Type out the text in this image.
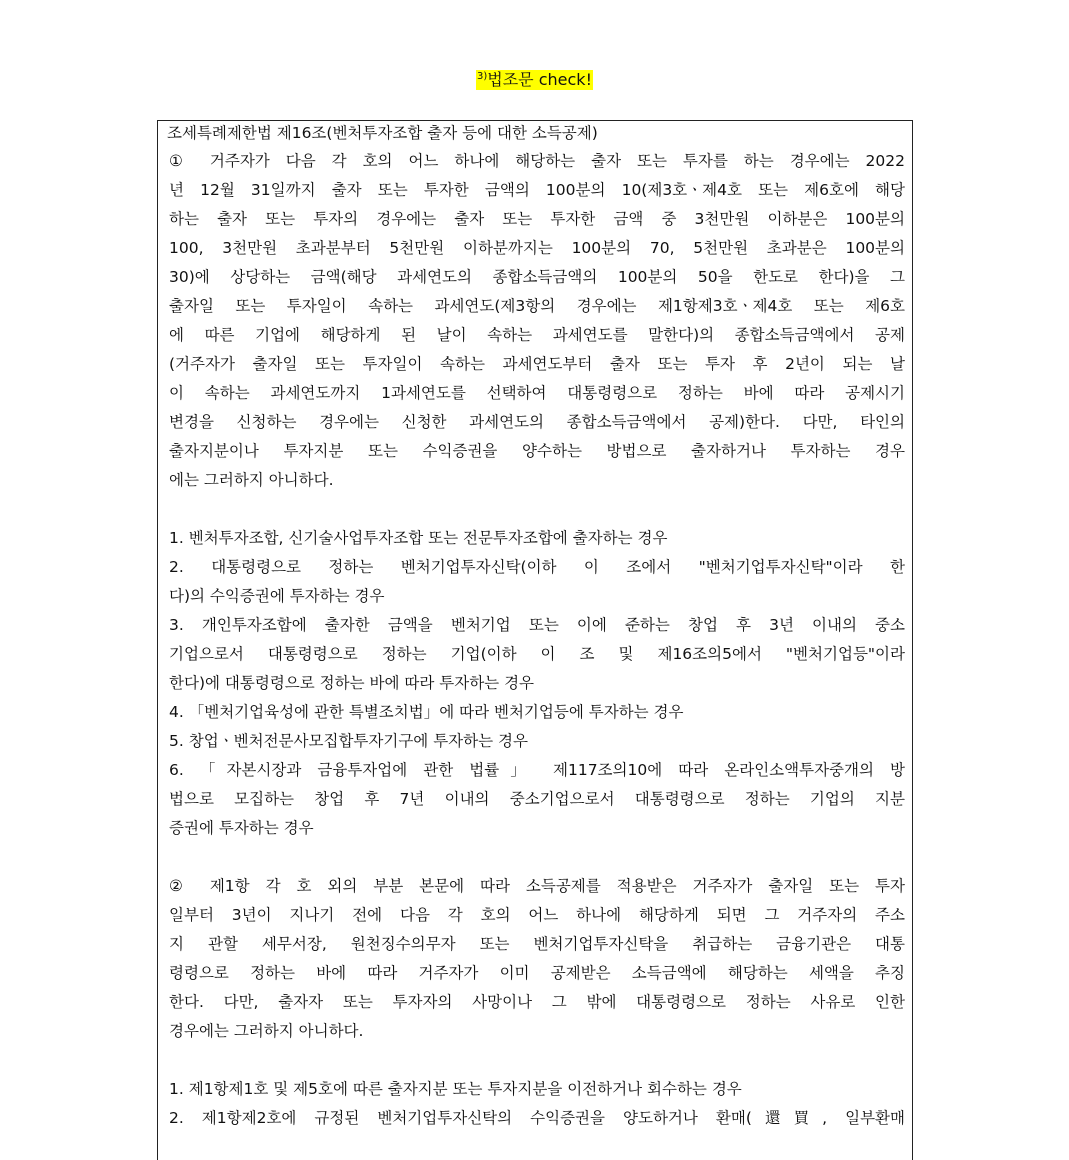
$^{3)}$법조문 check!
조세특례제한법 제16조(벤처투자조합 출자 등에 대한 소득공제)
① 거주자가 다음 각 호의 어느 하나에 해당하는 출자 또는 투자를 하는 경우에는 2022
년 12월 31일까지 출자 또는 투자한 금액의 100분의 10(제3호ㆍ제4호 또는 제6호에 해당
하는 출자 또는 투자의 경우에는 출자 또는 투자한 금액 중 3천만원 이하분은 100분의
100, 3천만원 초과분부터 5천만원 이하분까지는 100분의 70, 5천만원 초과분은 100분의
30)에 상당하는 금액(해당 과세연도의 종합소득금액의 100분의 50을 한도로 한다)을 그
출자일 또는 투자일이 속하는 과세연도(제3항의 경우에는 제1항제3호ㆍ제4호 또는 제6호
에 따른 기업에 해당하게 된 날이 속하는 과세연도를 말한다)의 종합소득금액에서 공제
(거주자가 출자일 또는 투자일이 속하는 과세연도부터 출자 또는 투자 후 2년이 되는 날
이 속하는 과세연도까지 1과세연도를 선택하여 대통령령으로 정하는 바에 따라 공제시기
변경을 신청하는 경우에는 신청한 과세연도의 종합소득금액에서 공제)한다. 다만, 타인의
출자지분이나 투자지분 또는 수익증권을 양수하는 방법으로 출자하거나 투자하는 경우
에는 그러하지 아니하다.
1. 벤처투자조합, 신기술사업투자조합 또는 전문투자조합에 출자하는 경우
2. 대통령령으로 정하는 벤처기업투자신탁(이하 이 조에서 "벤처기업투자신탁"이라 한
다)의 수익증권에 투자하는 경우
3. 개인투자조합에 출자한 금액을 벤처기업 또는 이에 준하는 창업 후 3년 이내의 중소
기업으로서 대통령령으로 정하는 기업(이하 이 조 및 제16조의5에서 "벤처기업등"이라
한다)에 대통령령으로 정하는 바에 따라 투자하는 경우
4. 「벤처기업육성에 관한 특별조치법」에 따라 벤처기업등에 투자하는 경우
5. 창업ㆍ벤처전문사모집합투자기구에 투자하는 경우
6. 「자본시장과 금융투자업에 관한 법률」 제117조의10에 따라 온라인소액투자중개의 방
법으로 모집하는 창업 후 7년 이내의 중소기업으로서 대통령령으로 정하는 기업의 지분
증권에 투자하는 경우
② 제1항 각 호 외의 부분 본문에 따라 소득공제를 적용받은 거주자가 출자일 또는 투자
일부터 3년이 지나기 전에 다음 각 호의 어느 하나에 해당하게 되면 그 거주자의 주소
지 관할 세무서장, 원천징수의무자 또는 벤처기업투자신탁을 취급하는 금융기관은 대통
령령으로 정하는 바에 따라 거주자가 이미 공제받은 소득금액에 해당하는 세액을 추징
한다. 다만, 출자자 또는 투자자의 사망이나 그 밖에 대통령령으로 정하는 사유로 인한
경우에는 그러하지 아니하다.
1. 제1항제1호 및 제5호에 따른 출자지분 또는 투자지분을 이전하거나 회수하는 경우
2. 제1항제2호에 규정된 벤처기업투자신탁의 수익증권을 양도하거나 환매(還買, 일부환매
